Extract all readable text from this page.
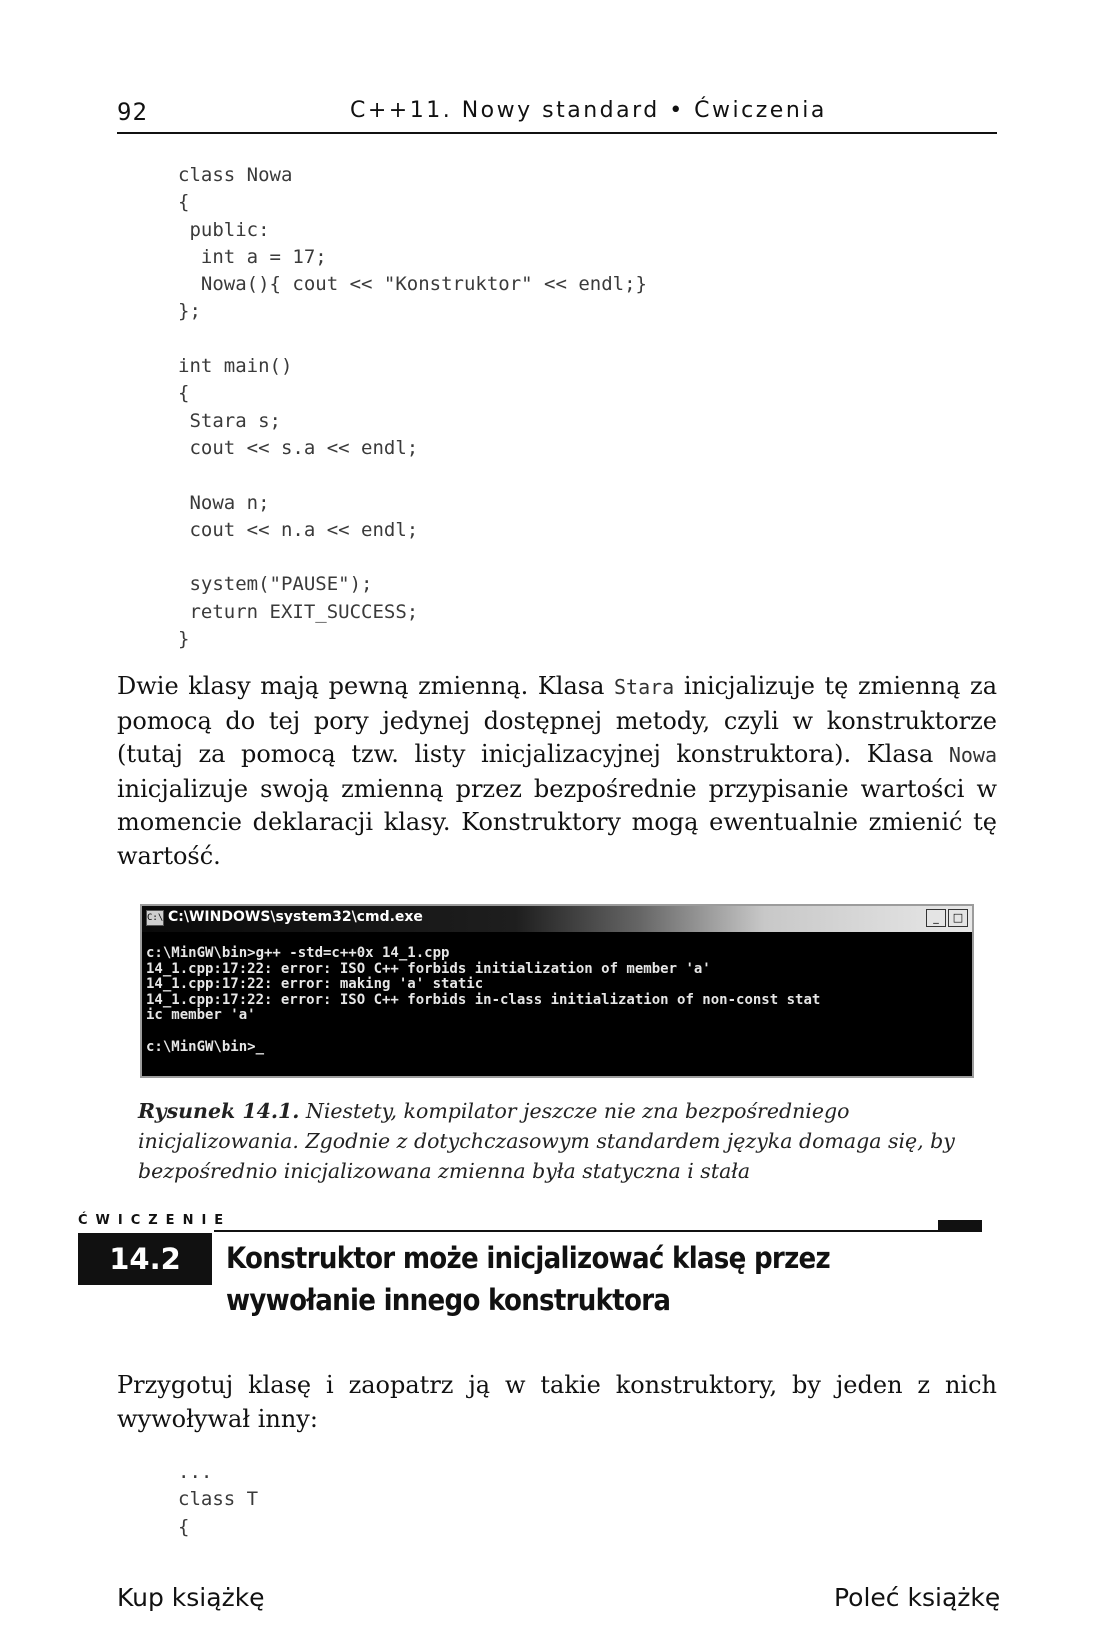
92	C++11. Nowy standard • Ćwiczenia
class Nowa
{
public:
int a = 17;
Nowa(){ cout << "Konstruktor" << endl;}
};

int main()
{
Stara s;
cout << s.a << endl;

Nowa n;
cout << n.a << endl;

system("PAUSE");
return EXIT_SUCCESS;
}

Dwie klasy mają pewną zmienną. Klasa Stara inicjalizuje tę zmienną za pomocą do tej pory jedynej dostępnej metody, czyli w konstruktorze (tutaj za pomocą tzw. listy inicjalizacyjnej konstruktora). Klasa Nowa inicjalizuje swoją zmienną przez bezpośrednie przypisanie wartości w momencie deklaracji klasy. Konstruktory mogą ewentualnie zmienić tę wartość.

C:\ C:\WINDOWS\system32\cmd.exe	_	□
c:\MinGW\bin>g++ -std=c++0x 14_1.cpp
14_1.cpp:17:22: error: ISO C++ forbids initialization of member 'a'
14_1.cpp:17:22: error: making 'a' static
14_1.cpp:17:22: error: ISO C++ forbids in-class initialization of non-const stat
ic member 'a'

c:\MinGW\bin>_

Rysunek 14.1. Niestety, kompilator jeszcze nie zna bezpośredniego inicjalizowania. Zgodnie z dotychczasowym standardem języka domaga się, by bezpośrednio inicjalizowana zmienna była statyczna i stała

ĆWICZENIE
14.2	Konstruktor może inicjalizować klasę przez wywołanie innego konstruktora

Przygotuj klasę i zaopatrz ją w takie konstruktory, by jeden z nich wywoływał inny:

...
class T
{
Kup książkę	Poleć książkę
